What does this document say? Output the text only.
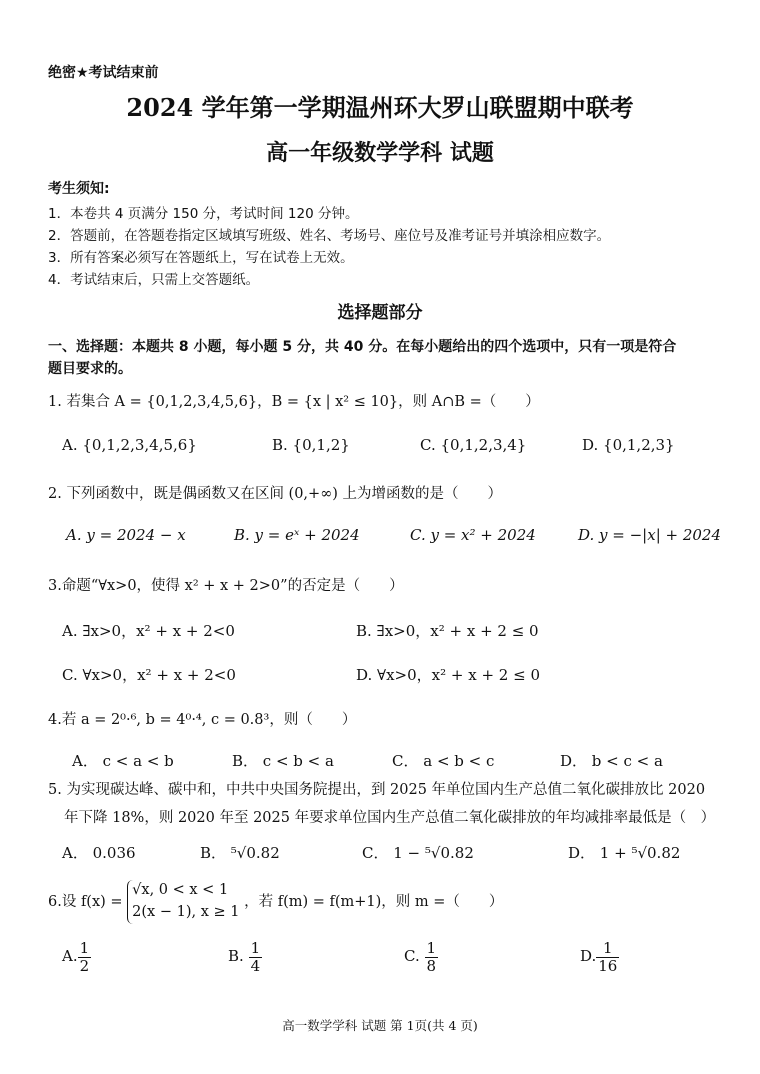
绝密★考试结束前
2024 学年第一学期温州环大罗山联盟期中联考
高一年级数学学科 试题
考生须知:
1．本卷共 4 页满分 150 分，考试时间 120 分钟。
2．答题前，在答题卷指定区域填写班级、姓名、考场号、座位号及准考证号并填涂相应数字。
3．所有答案必须写在答题纸上，写在试卷上无效。
4．考试结束后，只需上交答题纸。
选择题部分
一、选择题：本题共 8 小题，每小题 5 分，共 40 分。在每小题给出的四个选项中，只有一项是符合
题目要求的。
1. 若集合 A = {0,1,2,3,4,5,6}，B = {x | x² ≤ 10}，则 A∩B =（　　）
A. {0,1,2,3,4,5,6}	B. {0,1,2}	C. {0,1,2,3,4}	D. {0,1,2,3}
2. 下列函数中，既是偶函数又在区间 (0,+∞) 上为增函数的是（　　）
A. y = 2024 − x	B. y = eˣ + 2024	C. y = x² + 2024	D. y = −|x| + 2024
3.命题“∀x>0，使得 x² + x + 2>0”的否定是（　　）
A. ∃x>0，x² + x + 2<0	B. ∃x>0，x² + x + 2 ≤ 0
C. ∀x>0，x² + x + 2<0	D. ∀x>0，x² + x + 2 ≤ 0
4.若 a = 2⁰·⁶, b = 4⁰·⁴, c = 0.8³，则（　　）
A． c < a < b	B． c < b < a	C． a < b < c	D． b < c < a
5. 为实现碳达峰、碳中和，中共中央国务院提出，到 2025 年单位国内生产总值二氧化碳排放比 2020
年下降 18%，则 2020 年至 2025 年要求单位国内生产总值二氧化碳排放的年均减排率最低是（　）
A． 0.036	B． ⁵√0.82	C． 1 − ⁵√0.82	D． 1 + ⁵√0.82
6.设 f(x) =
√x, 0 < x < 1
2(x − 1), x ≥ 1
，若 f(m) = f(m+1)，则 m =（　　）
A. $\frac{1}{2}$	B. $\frac{1}{4}$	C. $\frac{1}{8}$	D. $\frac{1}{16}$
高一数学学科 试题 第 1页(共 4 页)
